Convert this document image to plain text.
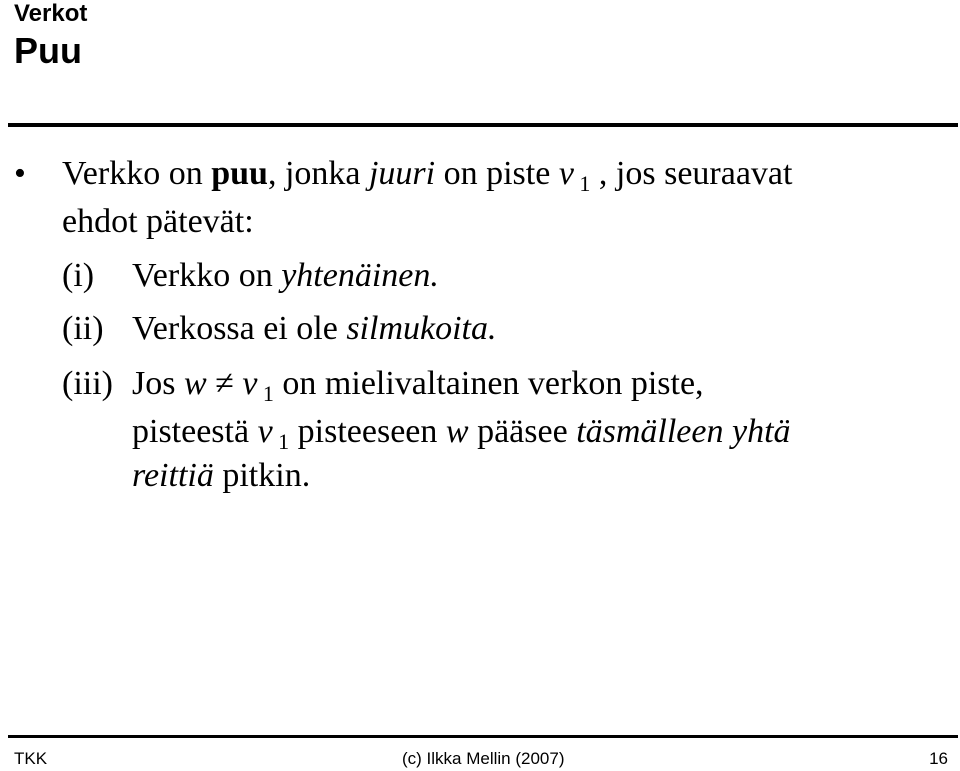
Verkot
Puu
• Verkko on puu, jonka juuri on piste v $_1$ , jos seuraavat
ehdot pätevät:
(i) Verkko on yhtenäinen.
(ii) Verkossa ei ole silmukoita.
(iii) Jos w ≠ v $_1$ on mielivaltainen verkon piste,
pisteestä v $_1$ pisteeseen w pääsee täsmälleen yhtä
reittiä pitkin.
TKK	(c) Ilkka Mellin (2007)	16
